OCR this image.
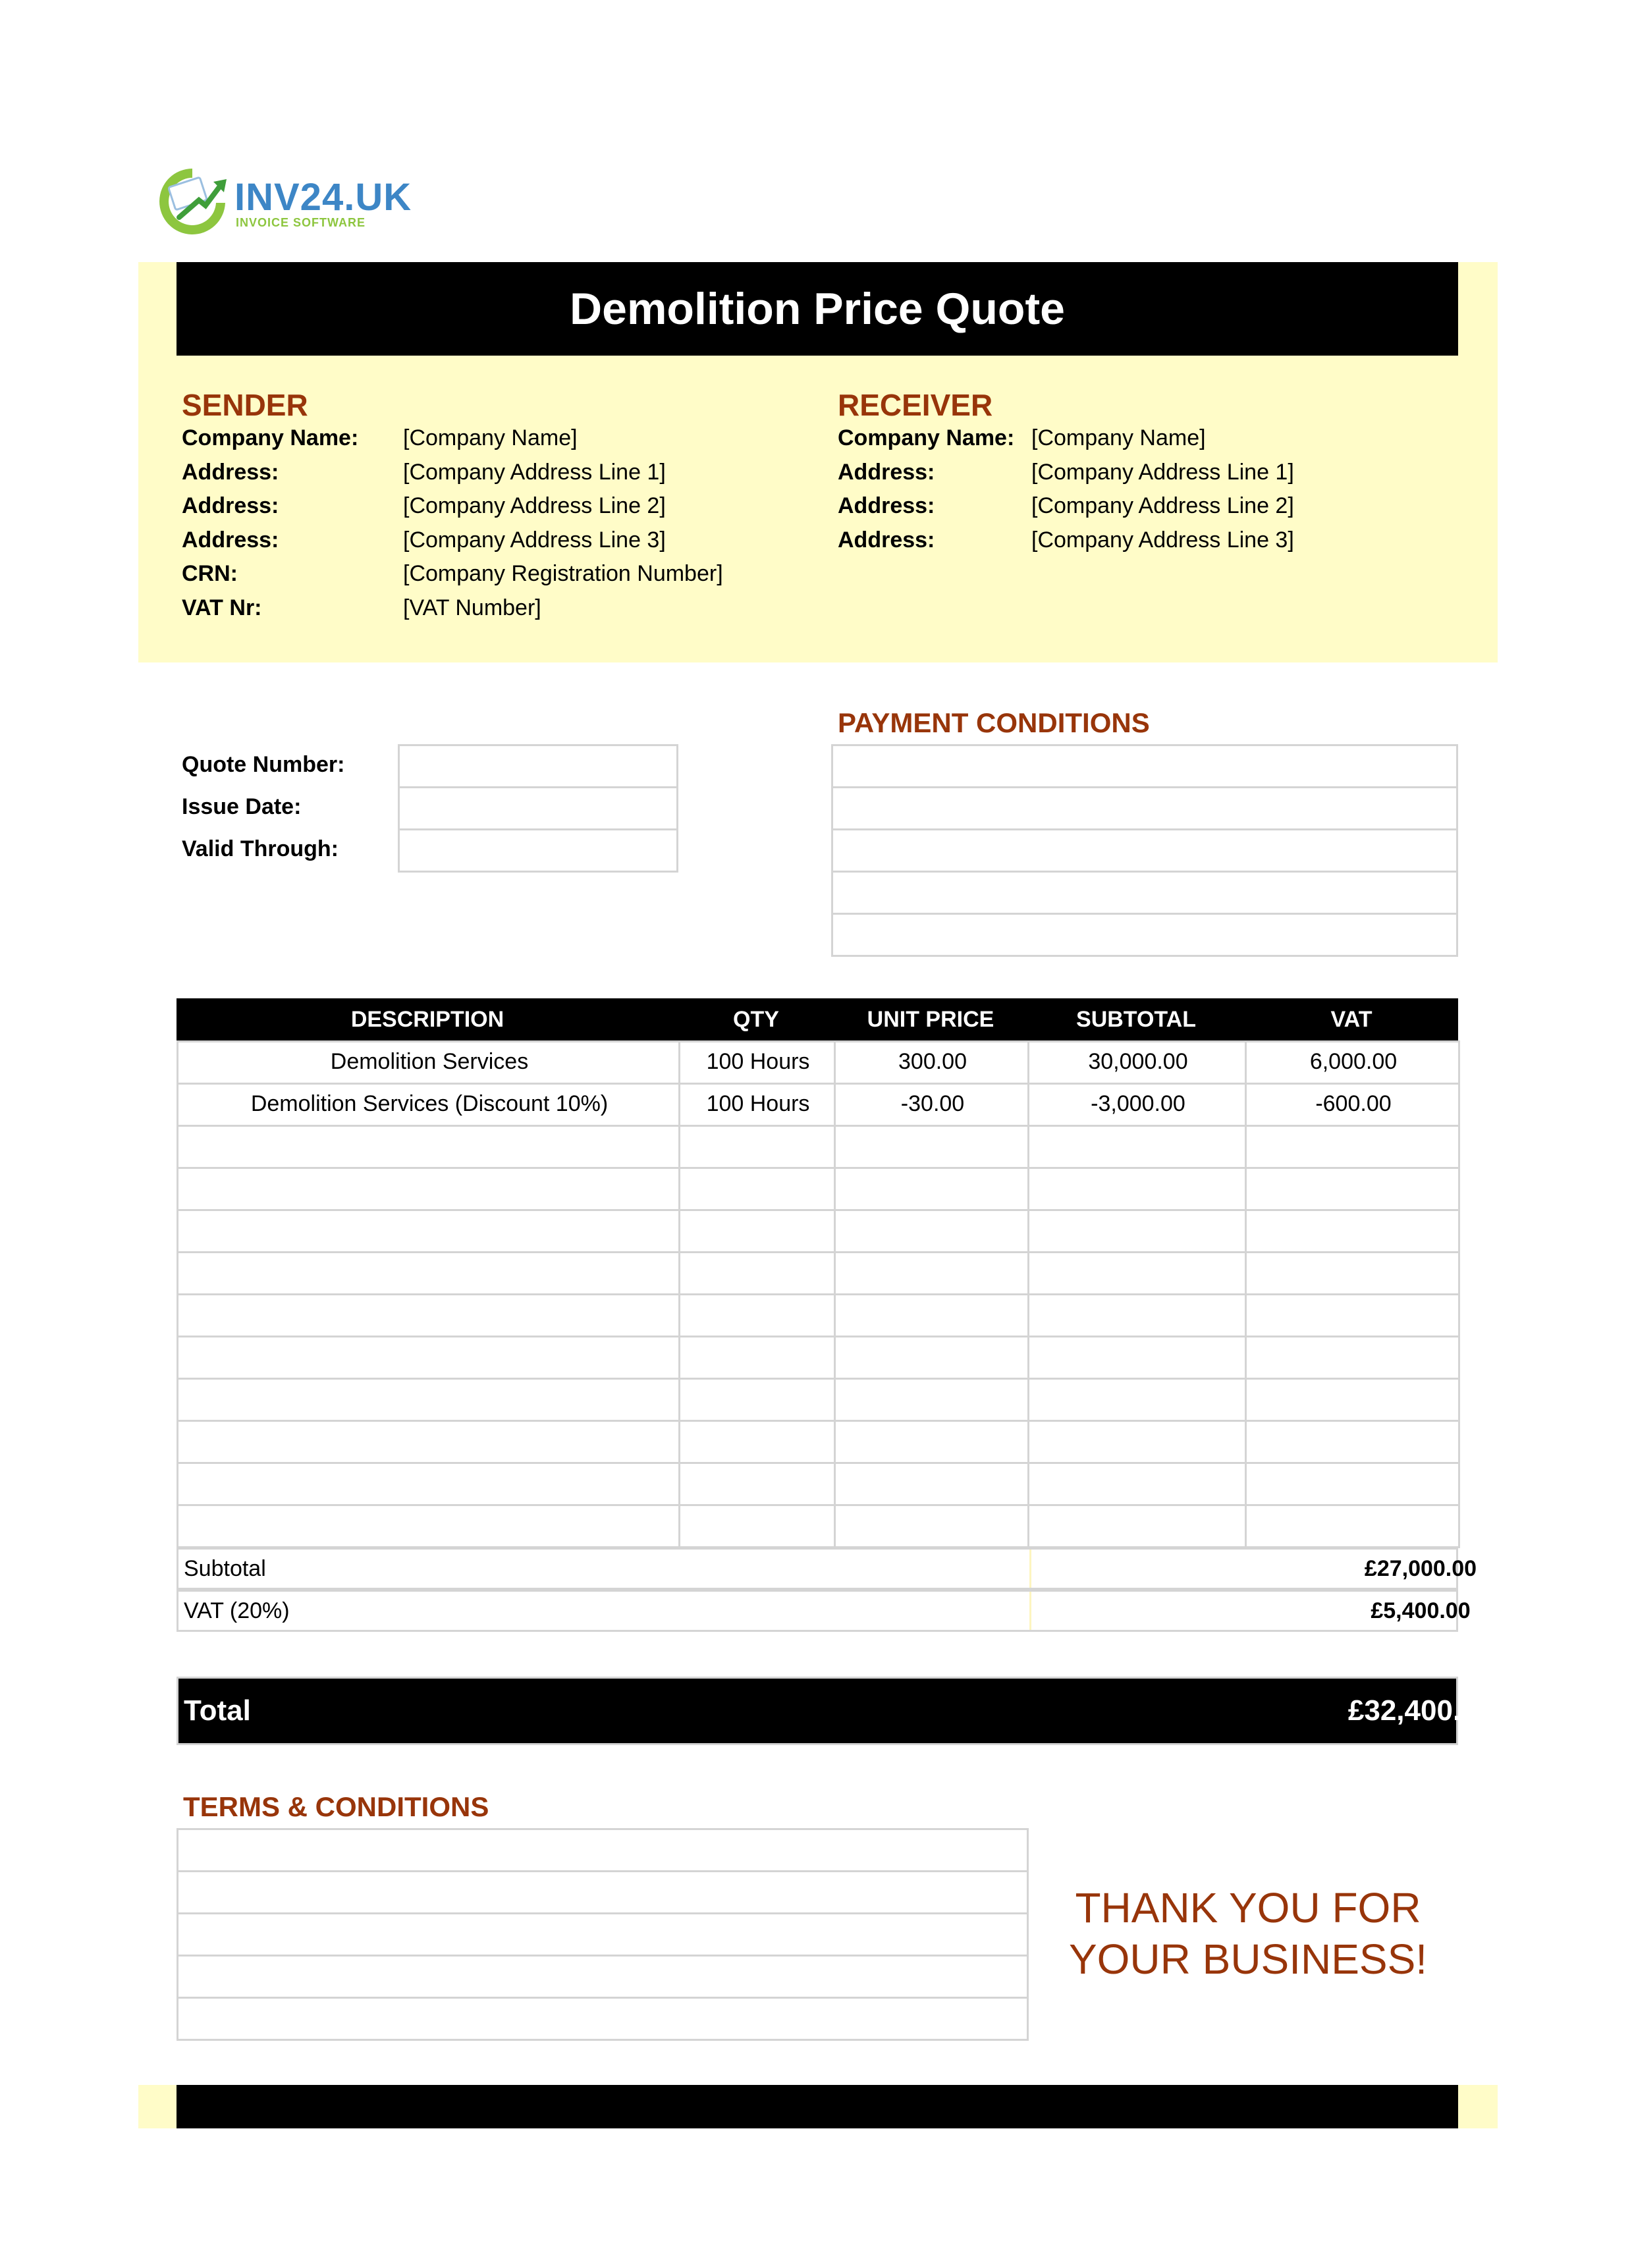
INV24.UK
INVOICE SOFTWARE
Demolition Price Quote
SENDER	RECEIVER
Company Name:	[Company Name]
Address:	[Company Address Line 1]
Address:	[Company Address Line 2]
Address:	[Company Address Line 3]
CRN:	[Company Registration Number]
VAT Nr:	[VAT Number]
Company Name: [Company Name]
Address:	[Company Address Line 1]
Address:	[Company Address Line 2]
Address:	[Company Address Line 3]
PAYMENT CONDITIONS
Quote Number:
Issue Date:
Valid Through:
DESCRIPTION	QTY	UNIT PRICE	SUBTOTAL	VAT
Demolition Services	100 Hours	300.00	30,000.00	6,000.00
Demolition Services (Discount 10%)	100 Hours	-30.00	-3,000.00	-600.00
Subtotal	£27,000.00
VAT (20%)	£5,400.00
Total	£32,400.00
TERMS & CONDITIONS
THANK YOU FOR
YOUR BUSINESS!
